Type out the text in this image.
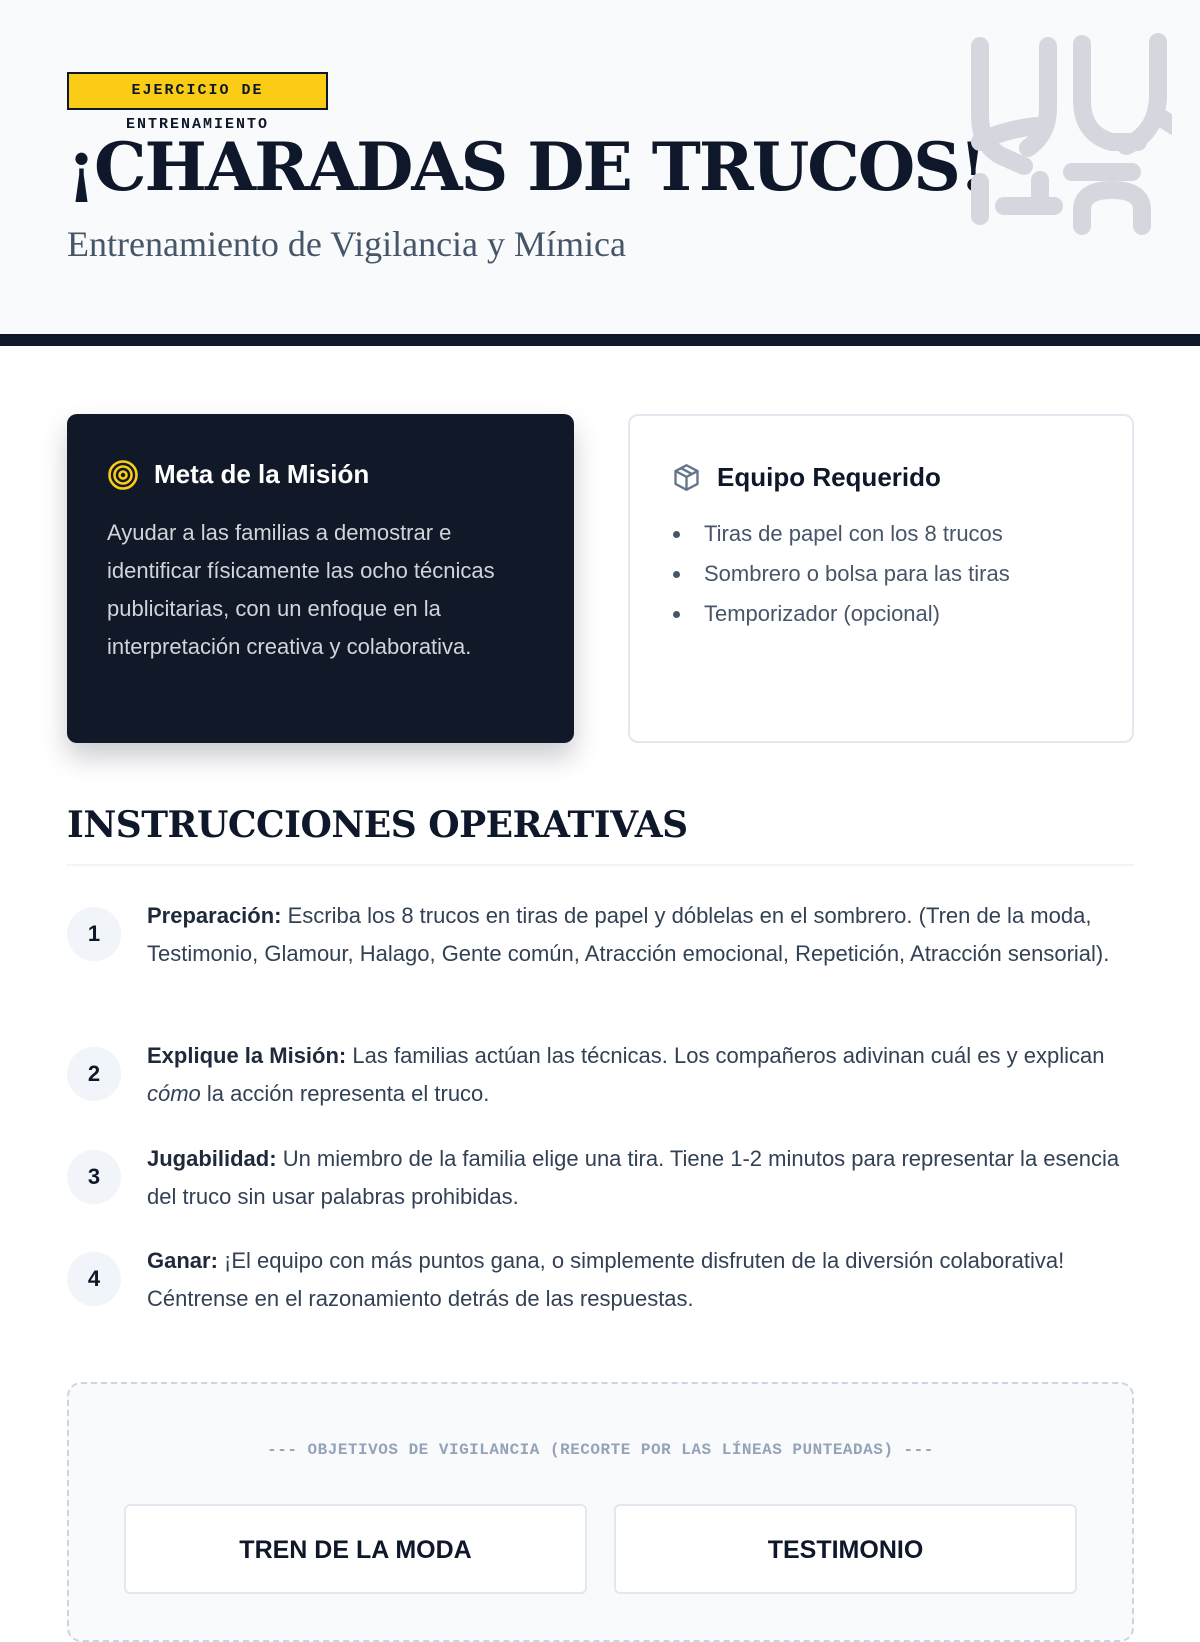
EJERCICIO DE ENTRENAMIENTO
¡CHARADAS DE TRUCOS!
Entrenamiento de Vigilancia y Mímica
Meta de la Misión

Ayudar a las familias a demostrar e identificar físicamente las ocho técnicas publicitarias, con un enfoque en la interpretación creativa y colaborativa.

Equipo Requerido
Tiras de papel con los 8 trucos
Sombrero o bolsa para las tiras
Temporizador (opcional)
INSTRUCCIONES OPERATIVAS
1

Preparación: Escriba los 8 trucos en tiras de papel y dóblelas en el sombrero. (Tren de la moda, Testimonio, Glamour, Halago, Gente común, Atracción emocional, Repetición, Atracción sensorial).

2

Explique la Misión: Las familias actúan las técnicas. Los compañeros adivinan cuál es y explican cómo la acción representa el truco.

3

Jugabilidad: Un miembro de la familia elige una tira. Tiene 1-2 minutos para representar la esencia del truco sin usar palabras prohibidas.

4

Ganar: ¡El equipo con más puntos gana, o simplemente disfruten de la diversión colaborativa! Céntrense en el razonamiento detrás de las respuestas.

--- OBJETIVOS DE VIGILANCIA (RECORTE POR LAS LÍNEAS PUNTEADAS) ---
TREN DE LA MODA	TESTIMONIO
